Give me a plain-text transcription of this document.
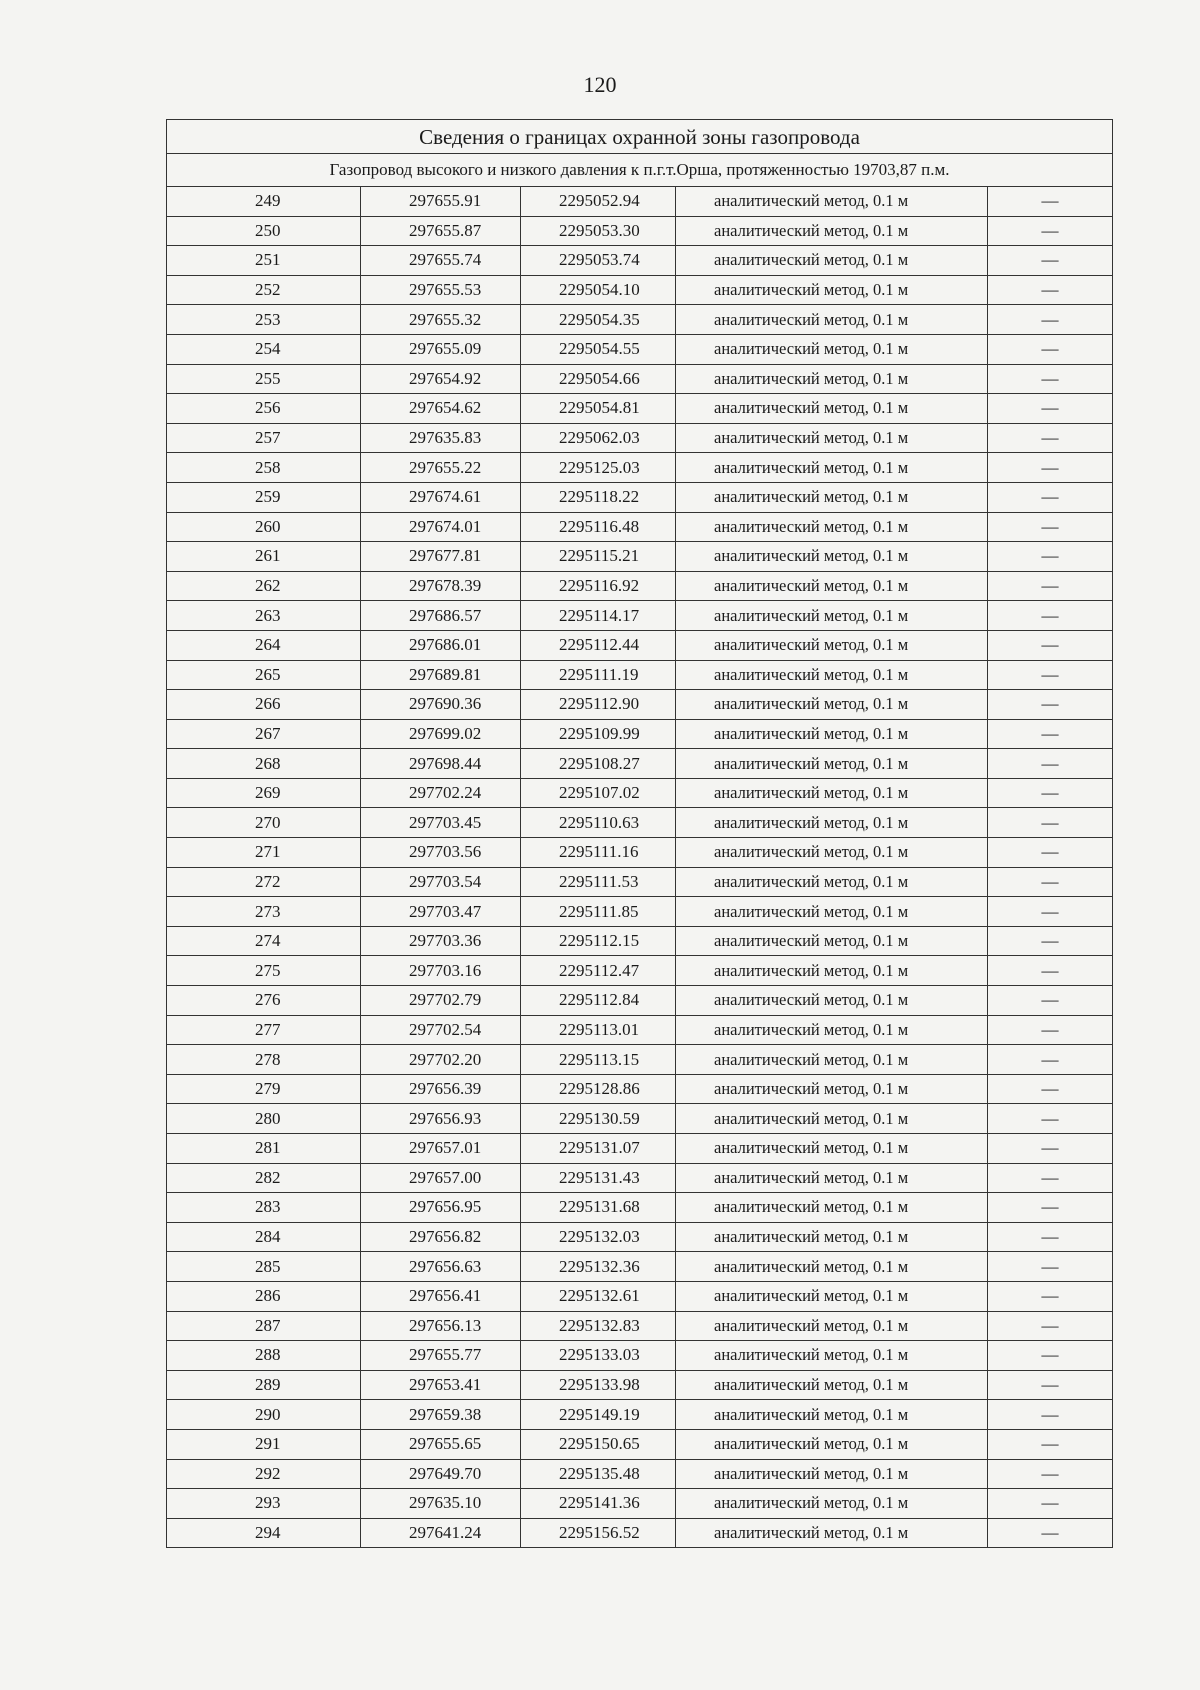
120
Сведения о границах охранной зоны газопровода				
Газопровод высокого и низкого давления к п.г.т.Орша, протяженностью 19703,87 п.м.				
249	297655.91	2295052.94	аналитический метод, 0.1 м	—
250	297655.87	2295053.30	аналитический метод, 0.1 м	—
251	297655.74	2295053.74	аналитический метод, 0.1 м	—
252	297655.53	2295054.10	аналитический метод, 0.1 м	—
253	297655.32	2295054.35	аналитический метод, 0.1 м	—
254	297655.09	2295054.55	аналитический метод, 0.1 м	—
255	297654.92	2295054.66	аналитический метод, 0.1 м	—
256	297654.62	2295054.81	аналитический метод, 0.1 м	—
257	297635.83	2295062.03	аналитический метод, 0.1 м	—
258	297655.22	2295125.03	аналитический метод, 0.1 м	—
259	297674.61	2295118.22	аналитический метод, 0.1 м	—
260	297674.01	2295116.48	аналитический метод, 0.1 м	—
261	297677.81	2295115.21	аналитический метод, 0.1 м	—
262	297678.39	2295116.92	аналитический метод, 0.1 м	—
263	297686.57	2295114.17	аналитический метод, 0.1 м	—
264	297686.01	2295112.44	аналитический метод, 0.1 м	—
265	297689.81	2295111.19	аналитический метод, 0.1 м	—
266	297690.36	2295112.90	аналитический метод, 0.1 м	—
267	297699.02	2295109.99	аналитический метод, 0.1 м	—
268	297698.44	2295108.27	аналитический метод, 0.1 м	—
269	297702.24	2295107.02	аналитический метод, 0.1 м	—
270	297703.45	2295110.63	аналитический метод, 0.1 м	—
271	297703.56	2295111.16	аналитический метод, 0.1 м	—
272	297703.54	2295111.53	аналитический метод, 0.1 м	—
273	297703.47	2295111.85	аналитический метод, 0.1 м	—
274	297703.36	2295112.15	аналитический метод, 0.1 м	—
275	297703.16	2295112.47	аналитический метод, 0.1 м	—
276	297702.79	2295112.84	аналитический метод, 0.1 м	—
277	297702.54	2295113.01	аналитический метод, 0.1 м	—
278	297702.20	2295113.15	аналитический метод, 0.1 м	—
279	297656.39	2295128.86	аналитический метод, 0.1 м	—
280	297656.93	2295130.59	аналитический метод, 0.1 м	—
281	297657.01	2295131.07	аналитический метод, 0.1 м	—
282	297657.00	2295131.43	аналитический метод, 0.1 м	—
283	297656.95	2295131.68	аналитический метод, 0.1 м	—
284	297656.82	2295132.03	аналитический метод, 0.1 м	—
285	297656.63	2295132.36	аналитический метод, 0.1 м	—
286	297656.41	2295132.61	аналитический метод, 0.1 м	—
287	297656.13	2295132.83	аналитический метод, 0.1 м	—
288	297655.77	2295133.03	аналитический метод, 0.1 м	—
289	297653.41	2295133.98	аналитический метод, 0.1 м	—
290	297659.38	2295149.19	аналитический метод, 0.1 м	—
291	297655.65	2295150.65	аналитический метод, 0.1 м	—
292	297649.70	2295135.48	аналитический метод, 0.1 м	—
293	297635.10	2295141.36	аналитический метод, 0.1 м	—
294	297641.24	2295156.52	аналитический метод, 0.1 м	—
